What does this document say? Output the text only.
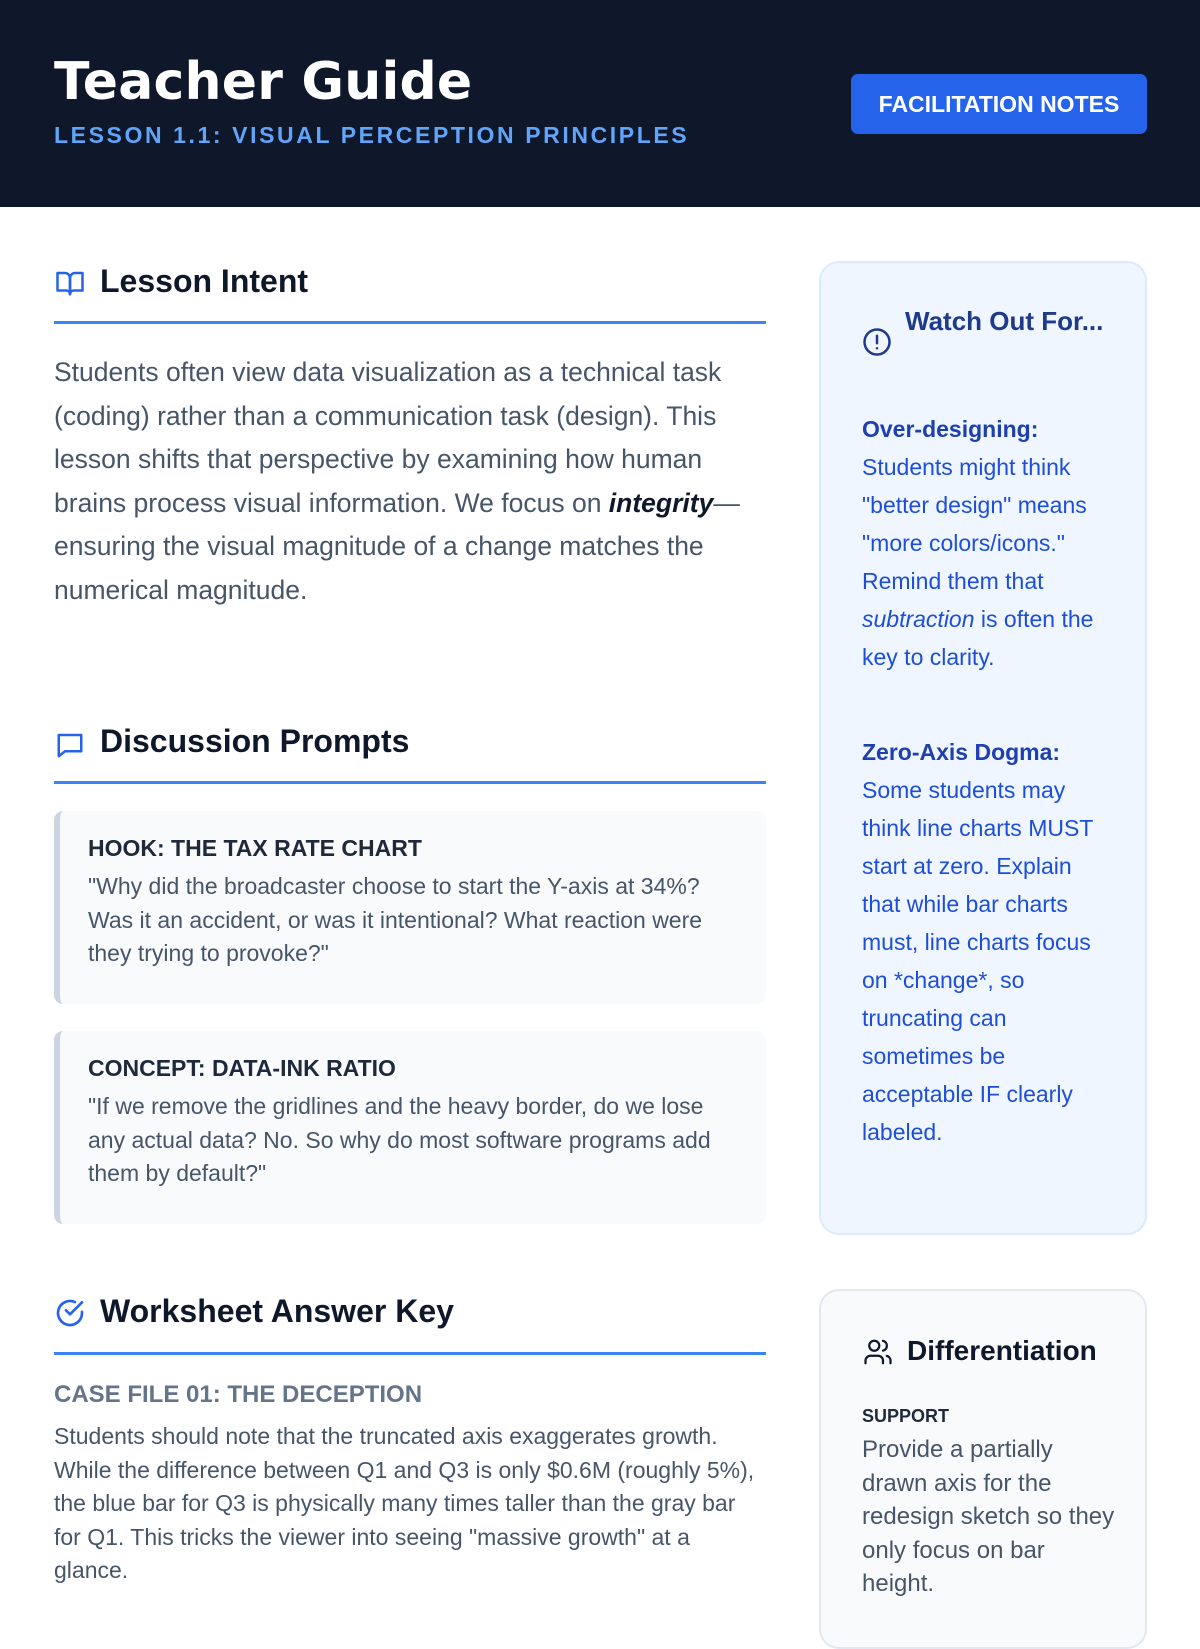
Teacher Guide
LESSON 1.1: VISUAL PERCEPTION PRINCIPLES
FACILITATION NOTES
Lesson Intent

Students often view data visualization as a technical task (coding) rather than a communication task (design). This lesson shifts that perspective by examining how human brains process visual information. We focus on integrity—ensuring the visual magnitude of a change matches the numerical magnitude.

Discussion Prompts
HOOK: THE TAX RATE CHART
"Why did the broadcaster choose to start the Y-axis at 34%? Was it an accident, or was it intentional? What reaction were they trying to provoke?"
CONCEPT: DATA-INK RATIO
"If we remove the gridlines and the heavy border, do we lose any actual data? No. So why do most software programs add them by default?"
Worksheet Answer Key
CASE FILE 01: THE DECEPTION
Students should note that the truncated axis exaggerates growth. While the difference between Q1 and Q3 is only $0.6M (roughly 5%), the blue bar for Q3 is physically many times taller than the gray bar for Q1. This tricks the viewer into seeing "massive growth" at a glance.
Watch Out For...
Over-designing: Students might think "better design" means "more colors/icons." Remind them that subtraction is often the key to clarity.
Zero-Axis Dogma: Some students may think line charts MUST start at zero. Explain that while bar charts must, line charts focus on *change*, so truncating can sometimes be acceptable IF clearly labeled.
Differentiation
SUPPORT
Provide a partially drawn axis for the redesign sketch so they only focus on bar height.
